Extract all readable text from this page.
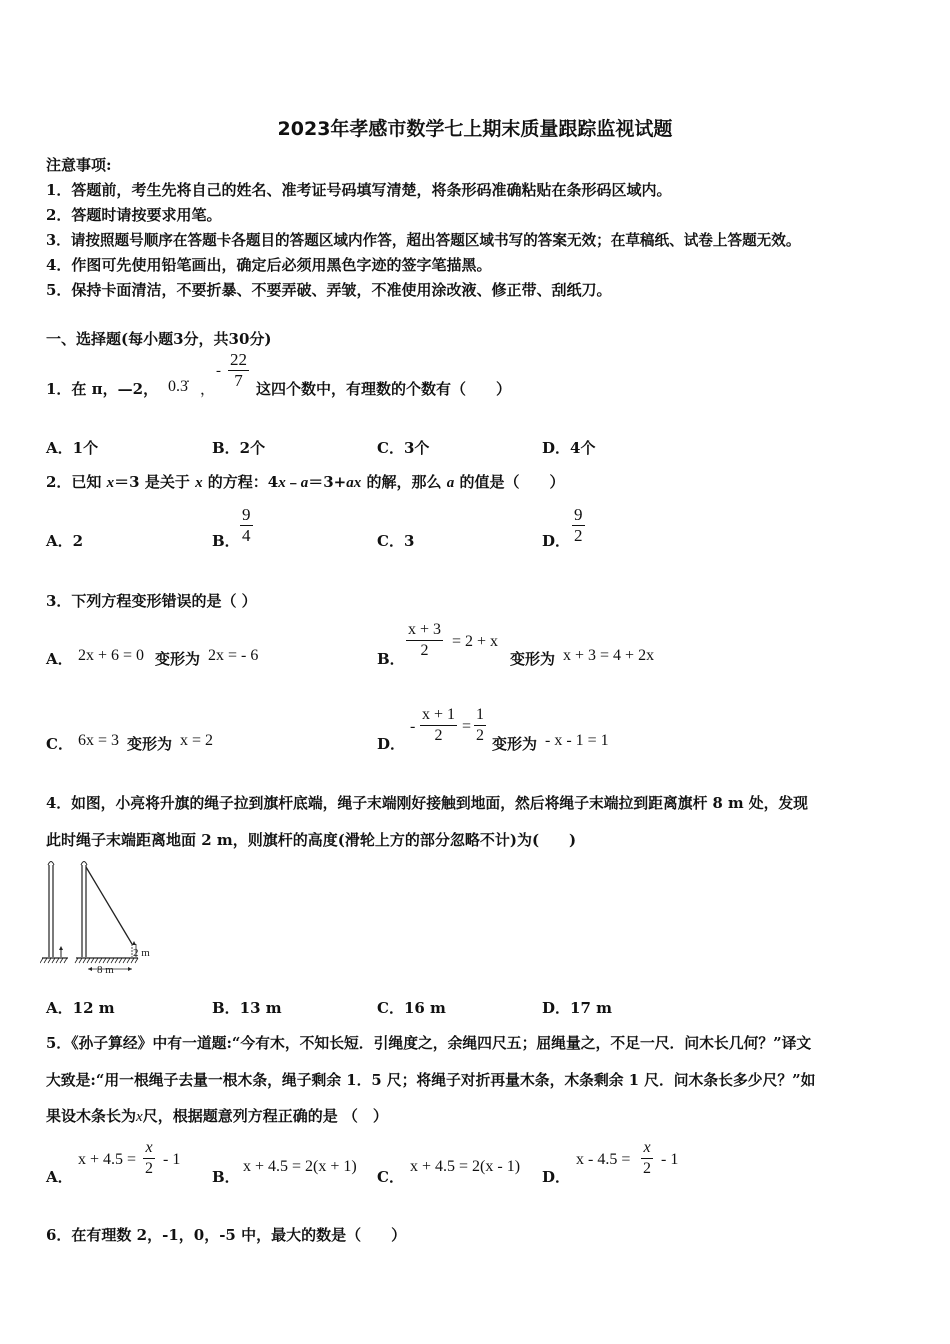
2023年孝感市数学七上期末质量跟踪监视试题
注意事项:
1．答题前，考生先将自己的姓名、准考证号码填写清楚，将条形码准确粘贴在条形码区域内。
2．答题时请按要求用笔。
3．请按照题号顺序在答题卡各题目的答题区域内作答，超出答题区域书写的答案无效；在草稿纸、试卷上答题无效。
4．作图可先使用铅笔画出，确定后必须用黑色字迹的签字笔描黑。
5．保持卡面清洁，不要折暴、不要弄破、弄皱，不准使用涂改液、修正带、刮纸刀。
一、选择题(每小题3分，共30分)
1．在 π，—2， 0.3̇ ，
- $\frac{22}{7}$ 这四个数中，有理数的个数有（　　）
A．1个	B．2个	C．3个	D．4个
2．已知 x＝3 是关于 x 的方程：4x﹣a＝3+ax 的解，那么 a 的值是（　　）
A．2	B． $\frac{9}{4}$	C．3	D． $\frac{9}{2}$
3．下列方程变形错误的是（ ）
A． 2x + 6 = 0 变形为 2x = - 6	B． $\frac{x + 3}{2} = 2 + x$
变形为 x + 3 = 4 + 2x
C． 6x = 3 变形为 x = 2	D．
- $\frac{x + 1}{2} = \frac{1}{2}$ 变形为 - x - 1 = 1
4．如图，小亮将升旗的绳子拉到旗杆底端，绳子末端刚好接触到地面，然后将绳子末端拉到距离旗杆 8 m 处，发现
此时绳子末端距离地面 2 m，则旗杆的高度(滑轮上方的部分忽略不计)为(　　)
2 m
8 m
A．12 m	B．13 m	C．16 m	D．17 m
5．《孙子算经》中有一道题:“今有木，不知长短．引绳度之，余绳四尺五；屈绳量之，不足一尺．问木长几何？”译文
大致是:“用一根绳子去量一根木条，绳子剩余 1．5 尺；将绳子对折再量木条，木条剩余 1 尺．问木条长多少尺？”如
果设木条长为x尺，根据题意列方程正确的是 （　）
A．
$x + 4.5 = \frac{x}{2} - 1$
B．
x + 4.5 = 2(x + 1)
C．
x + 4.5 = 2(x - 1)
D．
$x - 4.5 = \frac{x}{2} - 1$
6．在有理数 2，-1，0，-5 中，最大的数是（　　）
